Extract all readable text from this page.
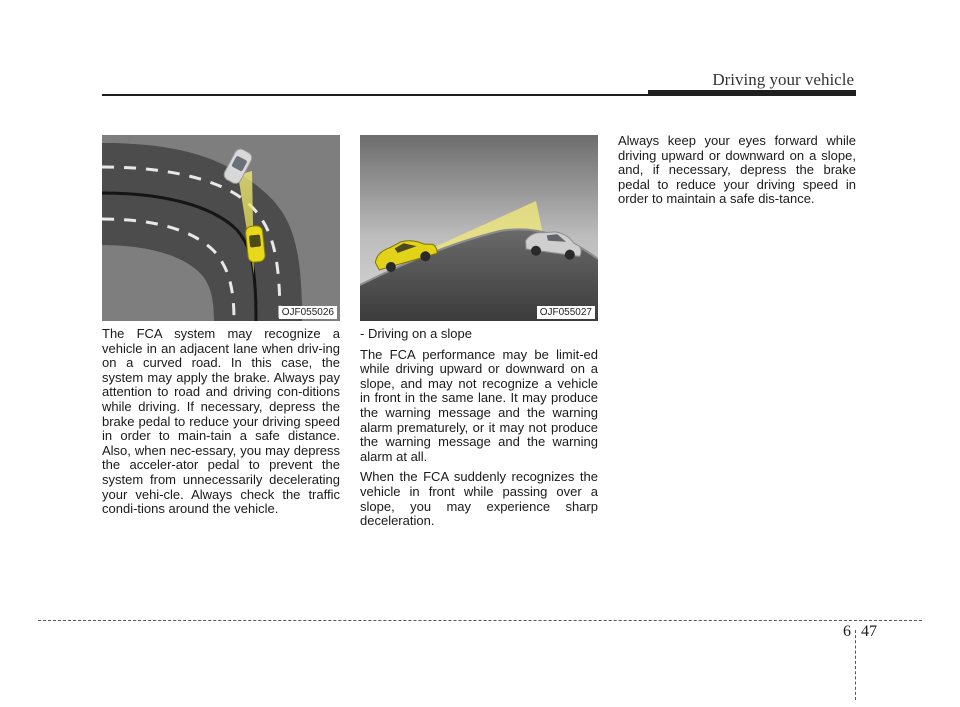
Driving your vehicle
OJF055026	OJF055027

The FCA system may recognize a vehicle in an adjacent lane when driv-ing on a curved road. In this case, the system may apply the brake. Always pay attention to road and driving con-ditions while driving. If necessary, depress the brake pedal to reduce your driving speed in order to main-tain a safe distance. Also, when nec-essary, you may depress the acceler-ator pedal to prevent the system from unnecessarily decelerating your vehi-cle. Always check the traffic condi-tions around the vehicle.

- Driving on a slope

The FCA performance may be limit-ed while driving upward or downward on a slope, and may not recognize a vehicle in front in the same lane. It may produce the warning message and the warning alarm prematurely, or it may not produce the warning message and the warning alarm at all.

When the FCA suddenly recognizes the vehicle in front while passing over a slope, you may experience sharp deceleration.

Always keep your eyes forward while driving upward or downward on a slope, and, if necessary, depress the brake pedal to reduce your driving speed in order to maintain a safe dis-tance.

6 47
